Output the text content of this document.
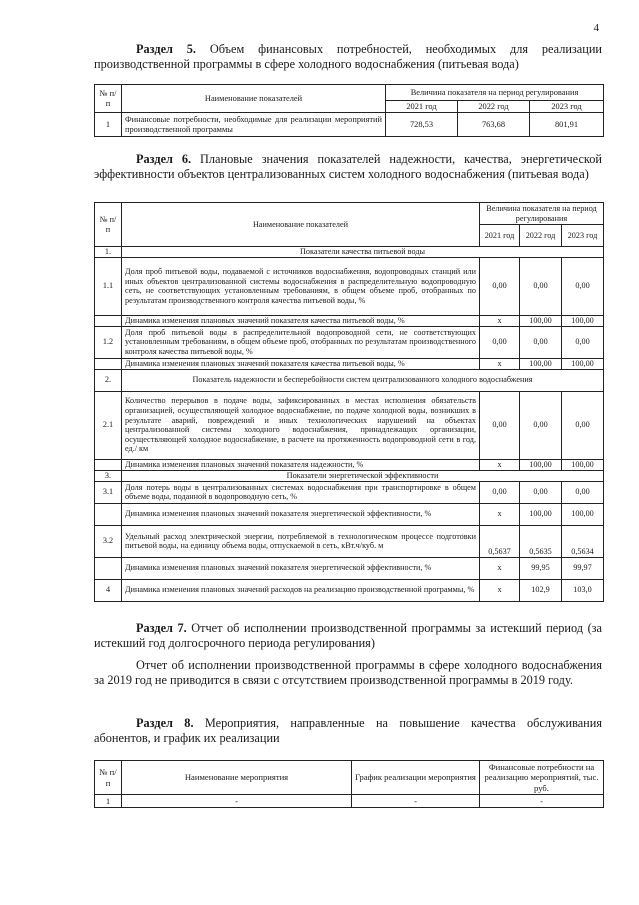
4
Раздел 5. Объем финансовых потребностей, необходимых для реализации производственной программы в сфере холодного водоснабжения (питьевая вода)
№ п/п	Наименование показателей	Величина показателя на период регулирования		
		2021 год	2022 год	2023 год
1	Финансовые потребности, необходимые для реализации мероприятий производственной программы	728,53	763,68	801,91
Раздел 6. Плановые значения показателей надежности, качества, энергетической эффективности объектов централизованных систем холодного водоснабжения (питьевая вода)
№ п/п	Наименование показателей	Величина показателя на период регулирования		
		2021 год	2022 год	2023 год
1.	Показатели качества питьевой воды			
1.1	Доля проб питьевой воды, подаваемой с источников водоснабжения, водопроводных станций или иных объектов централизованной системы водоснабжения в распределительную водопроводную сеть, не соответствующих установленным требованиям, в общем объеме проб, отобранных по результатам производственного контроля качества питьевой воды, %	0,00	0,00	0,00
	Динамика изменения плановых значений показателя качества питьевой воды, %	x	100,00	100,00
1.2	Доля проб питьевой воды в распределительной водопроводной сети, не соответствующих установленным требованиям, в общем объеме проб, отобранных по результатам производственного контроля качества питьевой воды, %	0,00	0,00	0,00
	Динамика изменения плановых значений показателя качества питьевой воды, %	x	100,00	100,00
2.	Показатель надежности и бесперебойности систем централизованного холодного водоснабжения			
2.1	Количество перерывов в подаче воды, зафиксированных в местах исполнения обязательств организацией, осуществляющей холодное водоснабжение, по подаче холодной воды, возникших в результате аварий, повреждений и иных технологических нарушений на объектах централизованной системы холодного водоснабжения, принадлежащих организации, осуществляющей холодное водоснабжение, в расчете на протяженность водопроводной сети в год, ед./ км	0,00	0,00	0,00
	Динамика изменения плановых значений показателя надежности, %	x	100,00	100,00
3.	Показатели энергетической эффективности			
3.1	Доля потерь воды в централизованных системах водоснабжения при транспортировке в общем объеме воды, поданной в водопроводную сеть, %	0,00	0,00	0,00
	Динамика изменения плановых значений показателя энергетической эффективности, %	x	100,00	100,00
3.2	Удельный расход электрической энергии, потребляемой в технологическом процессе подготовки питьевой воды, на единицу объема воды, отпускаемой в сеть, кВт.ч/куб. м	0,5637	0,5635	0,5634
	Динамика изменения плановых значений показателя энергетической эффективности, %	x	99,95	99,97
4	Динамика изменения плановых значений расходов на реализацию производственной программы, %	x	102,9	103,0
Раздел 7. Отчет об исполнении производственной программы за истекший период (за истекший год долгосрочного периода регулирования)
Отчет об исполнении производственной программы в сфере холодного водоснабжения за 2019 год не приводится в связи с отсутствием производственной программы в 2019 году.
Раздел 8. Мероприятия, направленные на повышение качества обслуживания абонентов, и график их реализации
№ п/п	Наименование мероприятия	График реализации мероприятия	Финансовые потребности на реализацию мероприятий, тыс. руб.
1	-	-	-
